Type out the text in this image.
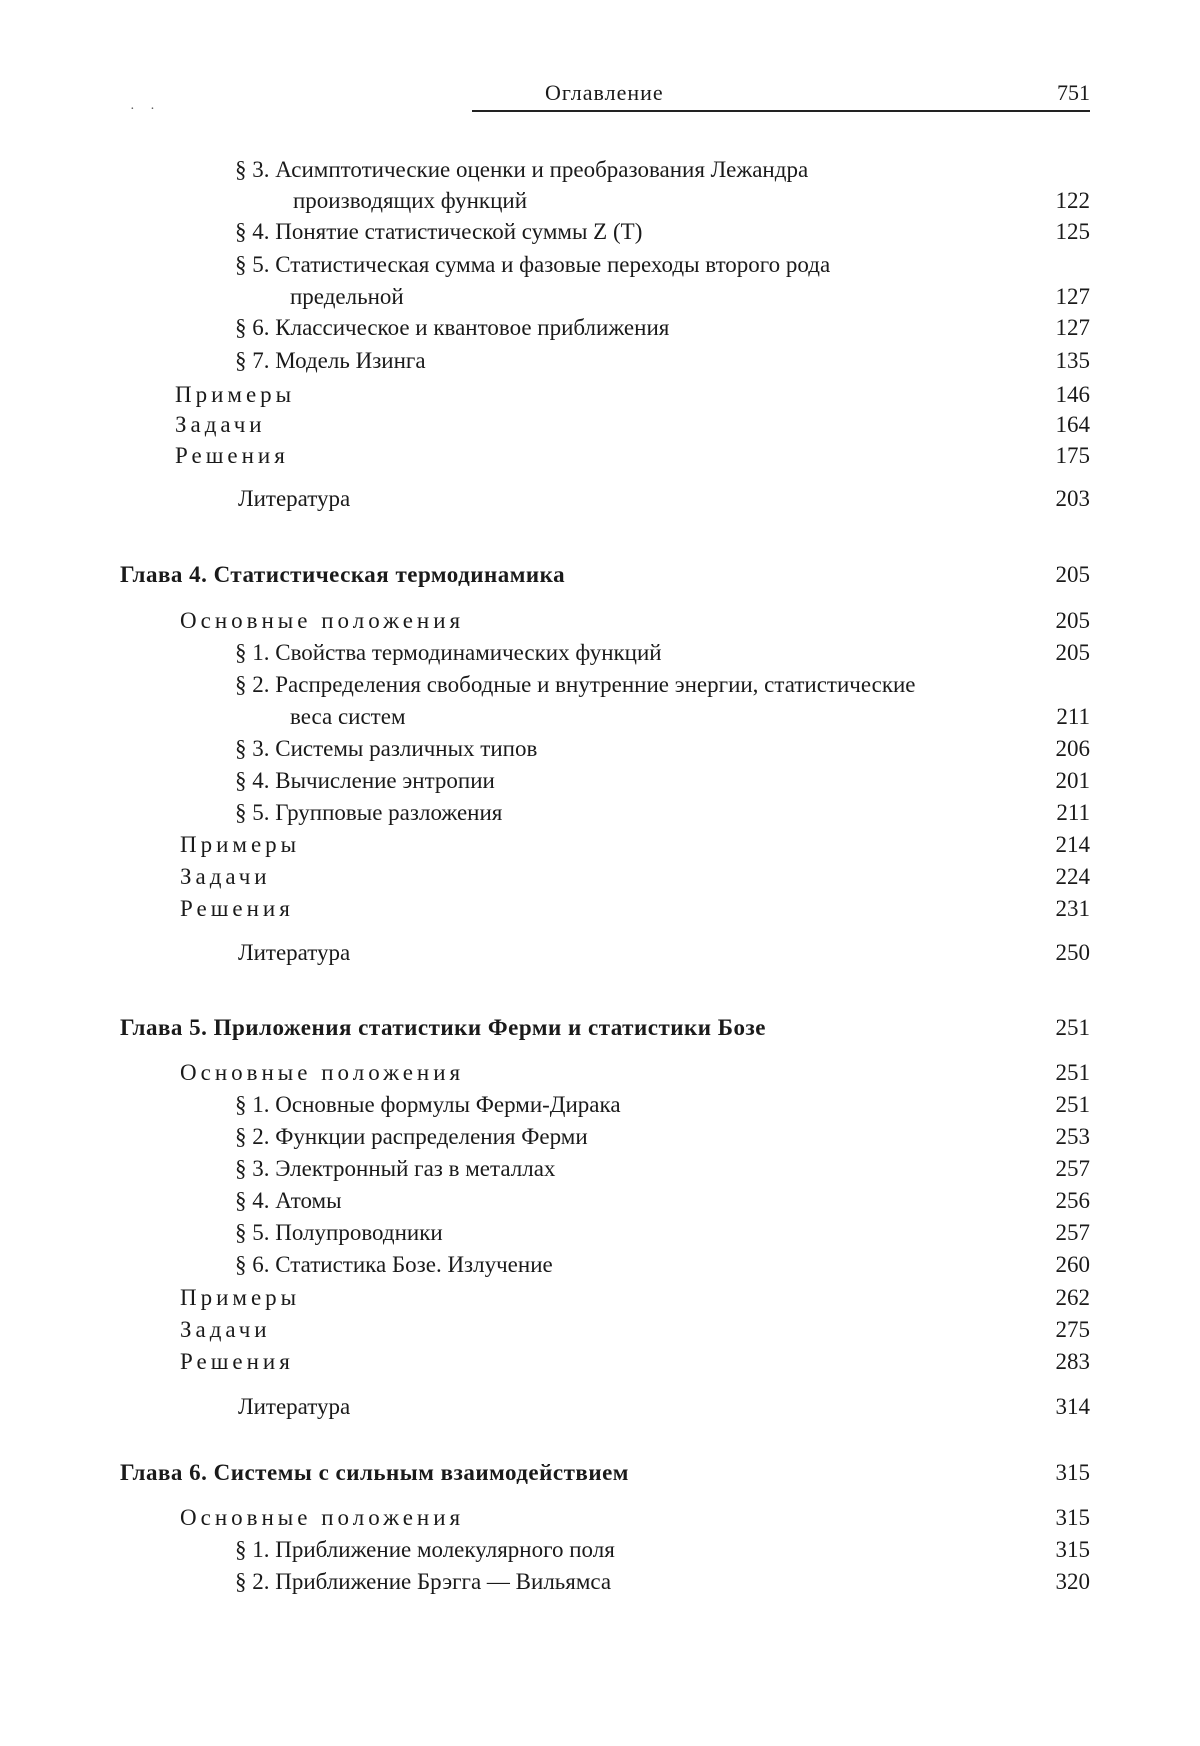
· ·
Оглавление	751
§ 3. Асимптотические оценки и преобразования Лежандра
производящих функций	122
§ 4. Понятие статистической суммы Z (T)	125
§ 5. Статистическая сумма и фазовые переходы второго рода
предельной	127
§ 6. Классическое и квантовое приближения	127
§ 7. Модель Изинга	135
Примеры	146
Задачи	164
Решения	175
Литература	203
Глава 4. Статистическая термодинамика	205
Основные положения	205
§ 1. Свойства термодинамических функций	205
§ 2. Распределения свободные и внутренние энергии, статистические
веса систем	211
§ 3. Системы различных типов	206
§ 4. Вычисление энтропии	201
§ 5. Групповые разложения	211
Примеры	214
Задачи	224
Решения	231
Литература	250
Глава 5. Приложения статистики Ферми и статистики Бозе	251
Основные положения	251
§ 1. Основные формулы Ферми-Дирака	251
§ 2. Функции распределения Ферми	253
§ 3. Электронный газ в металлах	257
§ 4. Атомы	256
§ 5. Полупроводники	257
§ 6. Статистика Бозе. Излучение	260
Примеры	262
Задачи	275
Решения	283
Литература	314
Глава 6. Системы с сильным взаимодействием	315
Основные положения	315
§ 1. Приближение молекулярного поля	315
§ 2. Приближение Брэгга — Вильямса	320
